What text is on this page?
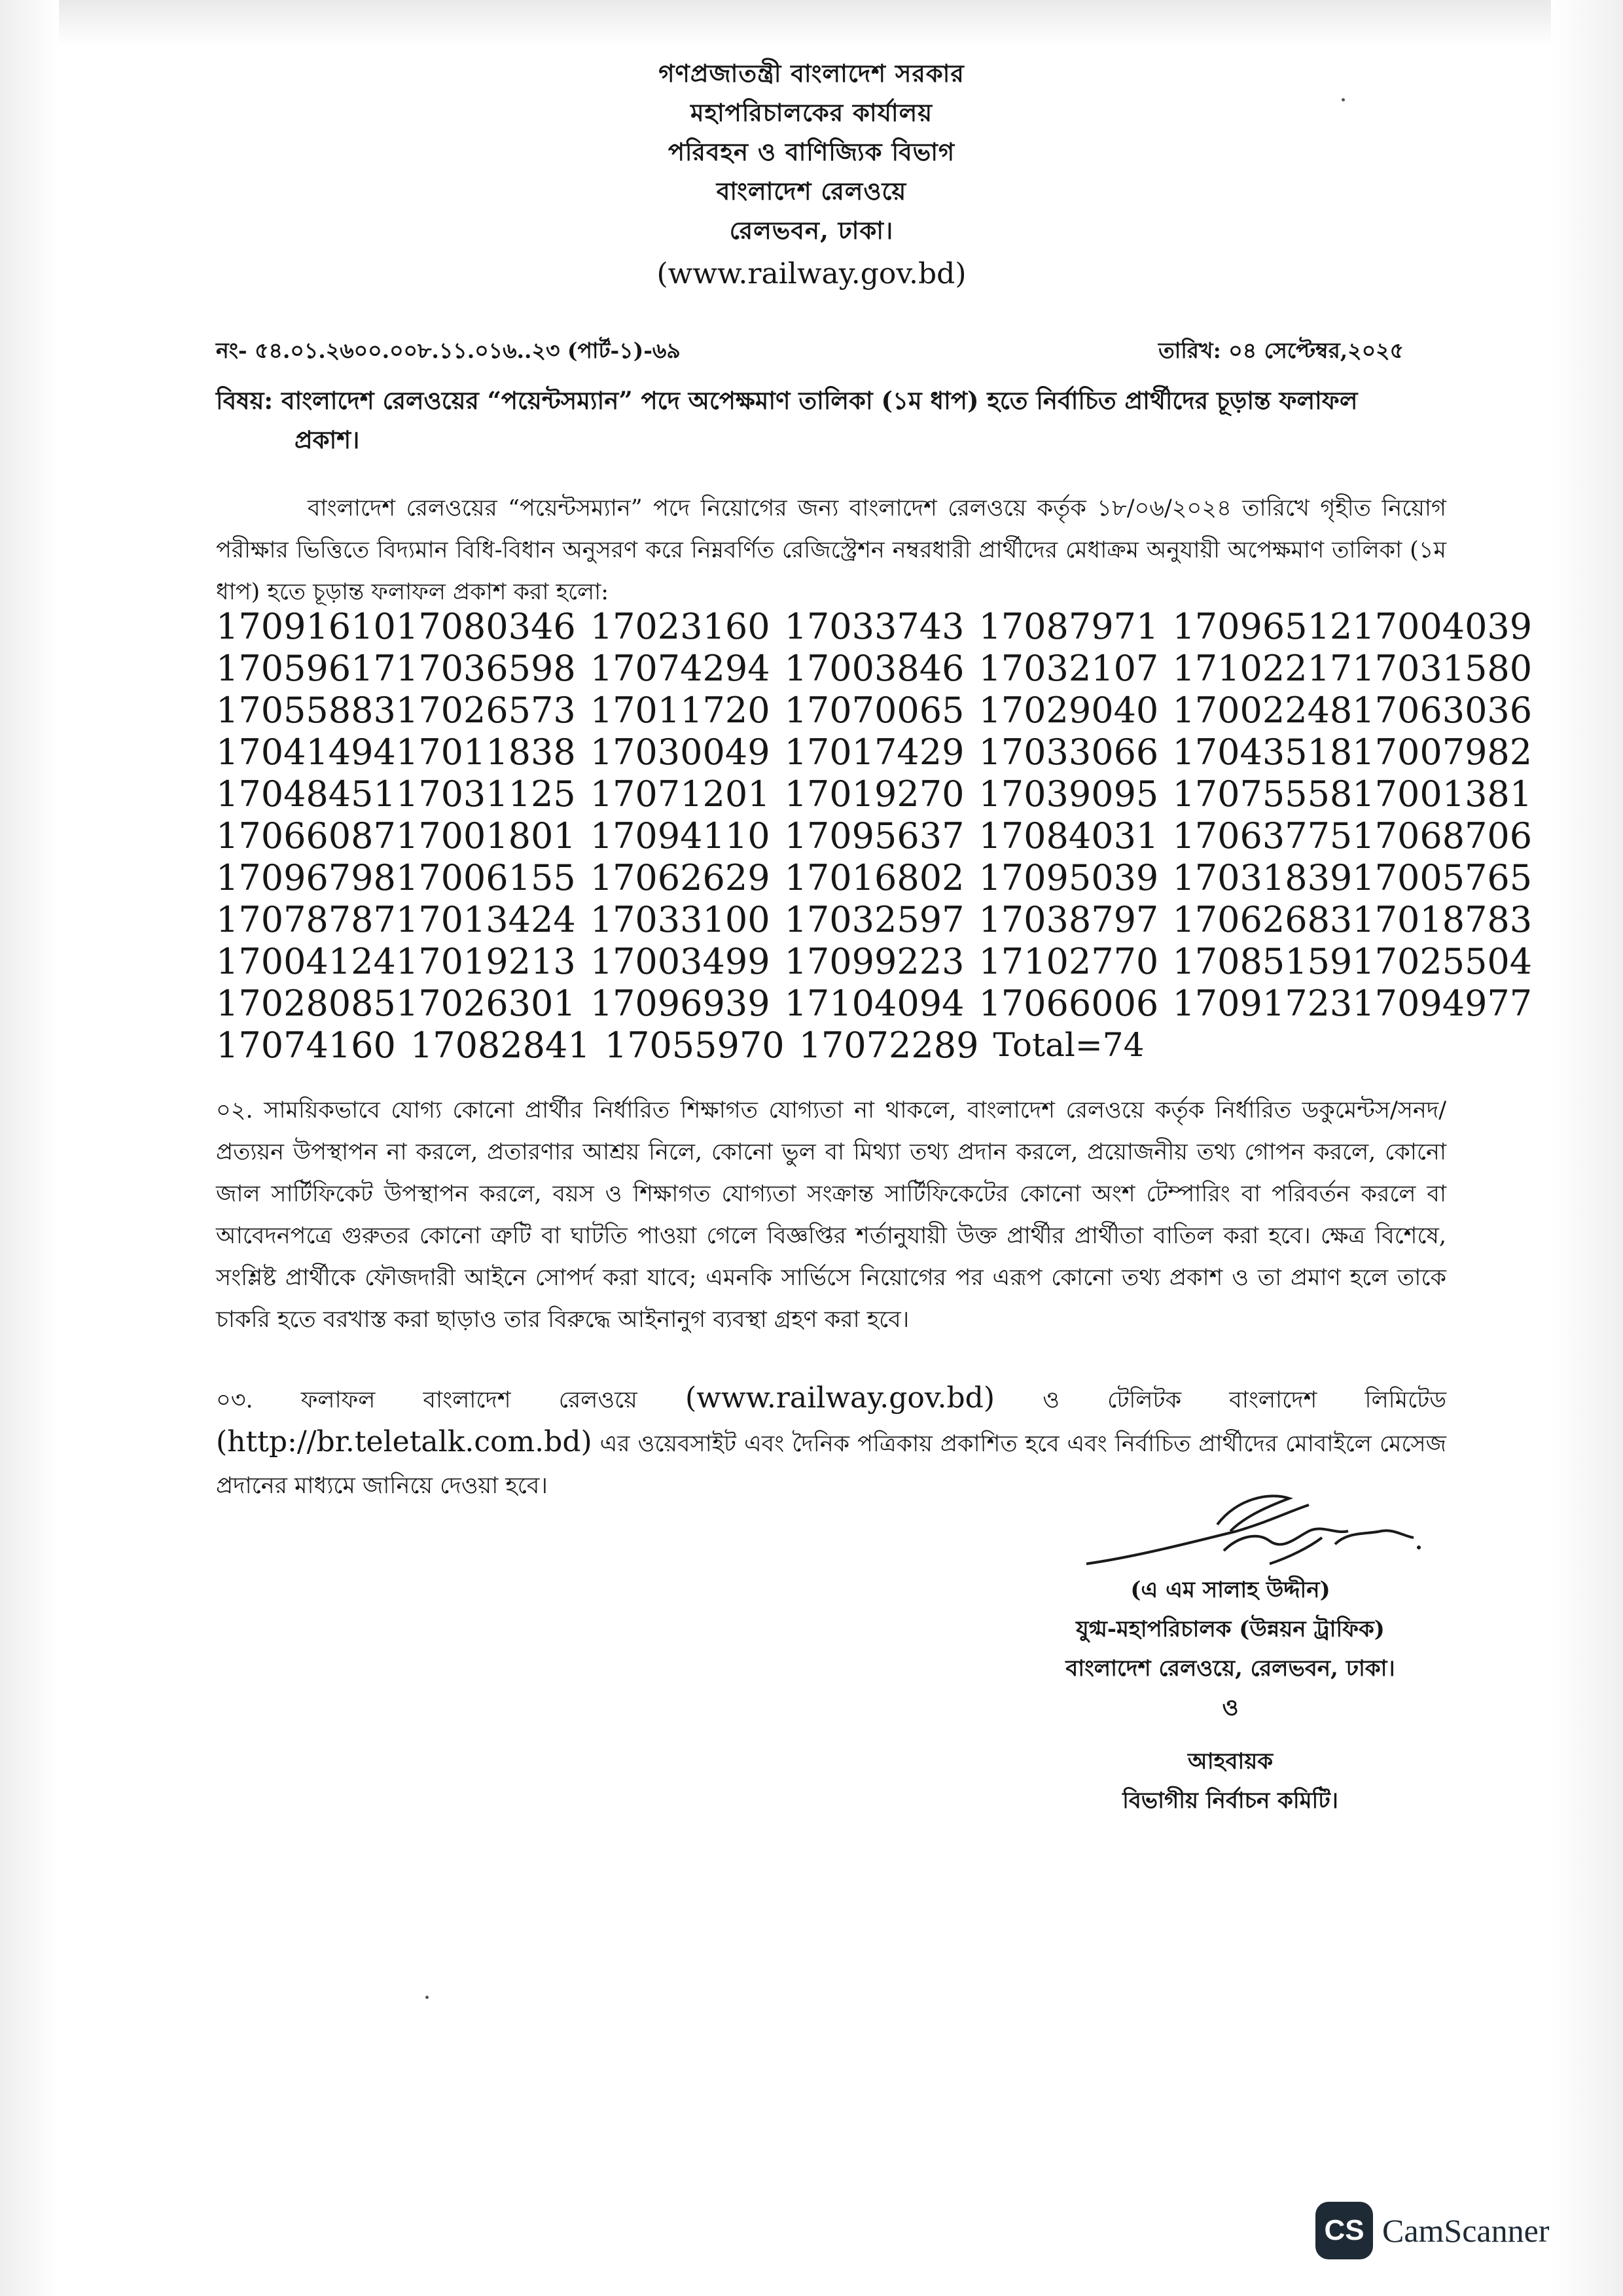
গণপ্রজাতন্ত্রী বাংলাদেশ সরকার
মহাপরিচালকের কার্যালয়
পরিবহন ও বাণিজ্যিক বিভাগ
বাংলাদেশ রেলওয়ে
রেলভবন, ঢাকা।
(www.railway.gov.bd)
নং- ৫৪.০১.২৬০০.০০৮.১১.০১৬..২৩ (পার্ট-১)-৬৯	তারিখ: ০৪ সেপ্টেম্বর,২০২৫
বিষয়: বাংলাদেশ রেলওয়ের “পয়েন্টসম্যান” পদে অপেক্ষমাণ তালিকা (১ম ধাপ) হতে নির্বাচিত প্রার্থীদের চূড়ান্ত ফলাফল
প্রকাশ।
বাংলাদেশ রেলওয়ের “পয়েন্টসম্যান” পদে নিয়োগের জন্য বাংলাদেশ রেলওয়ে কর্তৃক ১৮/০৬/২০২৪ তারিখে গৃহীত নিয়োগ পরীক্ষার ভিত্তিতে বিদ্যমান বিধি-বিধান অনুসরণ করে নিম্নবর্ণিত রেজিস্ট্রেশন নম্বরধারী প্রার্থীদের মেধাক্রম অনুযায়ী অপেক্ষমাণ তালিকা (১ম ধাপ) হতে চূড়ান্ত ফলাফল প্রকাশ করা হলো:
17091610	17080346	17023160	17033743	17087971	17096512	17004039
17059617	17036598	17074294	17003846	17032107	17102217	17031580
17055883	17026573	17011720	17070065	17029040	17002248	17063036
17041494	17011838	17030049	17017429	17033066	17043518	17007982
17048451	17031125	17071201	17019270	17039095	17075558	17001381
17066087	17001801	17094110	17095637	17084031	17063775	17068706
17096798	17006155	17062629	17016802	17095039	17031839	17005765
17078787	17013424	17033100	17032597	17038797	17062683	17018783
17004124	17019213	17003499	17099223	17102770	17085159	17025504
17028085	17026301	17096939	17104094	17066006	17091723	17094977
17074160	17082841	17055970	17072289	Total=74		
০২. সাময়িকভাবে যোগ্য কোনো প্রার্থীর নির্ধারিত শিক্ষাগত যোগ্যতা না থাকলে, বাংলাদেশ রেলওয়ে কর্তৃক নির্ধারিত ডকুমেন্টস/সনদ/প্রত্যয়ন উপস্থাপন না করলে, প্রতারণার আশ্রয় নিলে, কোনো ভুল বা মিথ্যা তথ্য প্রদান করলে, প্রয়োজনীয় তথ্য গোপন করলে, কোনো জাল সার্টিফিকেট উপস্থাপন করলে, বয়স ও শিক্ষাগত যোগ্যতা সংক্রান্ত সার্টিফিকেটের কোনো অংশ টেম্পারিং বা পরিবর্তন করলে বা আবেদনপত্রে গুরুতর কোনো ত্রুটি বা ঘাটতি পাওয়া গেলে বিজ্ঞপ্তির শর্তানুযায়ী উক্ত প্রার্থীর প্রার্থীতা বাতিল করা হবে। ক্ষেত্র বিশেষে, সংশ্লিষ্ট প্রার্থীকে ফৌজদারী আইনে সোপর্দ করা যাবে; এমনকি সার্ভিসে নিয়োগের পর এরূপ কোনো তথ্য প্রকাশ ও তা প্রমাণ হলে তাকে চাকরি হতে বরখাস্ত করা ছাড়াও তার বিরুদ্ধে আইনানুগ ব্যবস্থা গ্রহণ করা হবে।
০৩. ফলাফল বাংলাদেশ রেলওয়ে (www.railway.gov.bd) ও টেলিটক বাংলাদেশ লিমিটেড (http://br.teletalk.com.bd) এর ওয়েবসাইট এবং দৈনিক পত্রিকায় প্রকাশিত হবে এবং নির্বাচিত প্রার্থীদের মোবাইলে মেসেজ প্রদানের মাধ্যমে জানিয়ে দেওয়া হবে।
(এ এম সালাহ উদ্দীন)
যুগ্ম-মহাপরিচালক (উন্নয়ন ট্রাফিক)
বাংলাদেশ রেলওয়ে, রেলভবন, ঢাকা।
ও
আহবায়ক
বিভাগীয় নির্বাচন কমিটি।
CS CamScanner
